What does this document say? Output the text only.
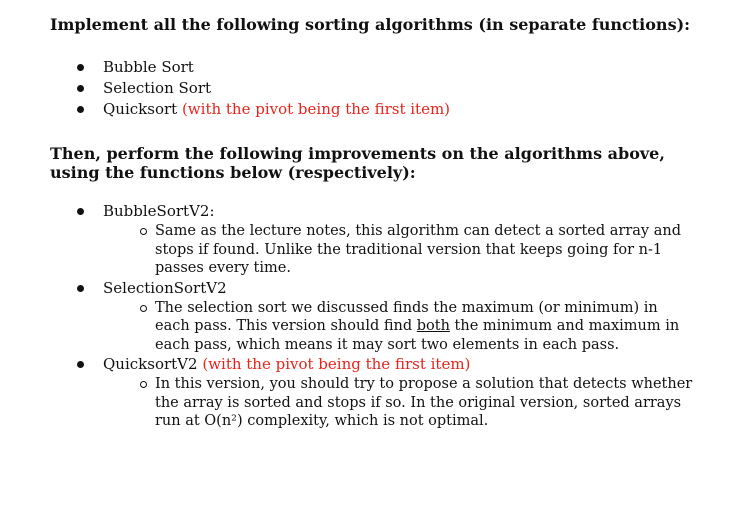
Implement all the following sorting algorithms (in separate functions):

Bubble Sort
Selection Sort
Quicksort (with the pivot being the first item)

Then, perform the following improvements on the algorithms above, using the functions below (respectively):

BubbleSortV2:
Same as the lecture notes, this algorithm can detect a sorted array and stops if found. Unlike the traditional version that keeps going for n-1 passes every time.
SelectionSortV2
The selection sort we discussed finds the maximum (or minimum) in each pass. This version should find both the minimum and maximum in each pass, which means it may sort two elements in each pass.
QuicksortV2 (with the pivot being the first item)
In this version, you should try to propose a solution that detects whether the array is sorted and stops if so. In the original version, sorted arrays run at O(n²) complexity, which is not optimal.
